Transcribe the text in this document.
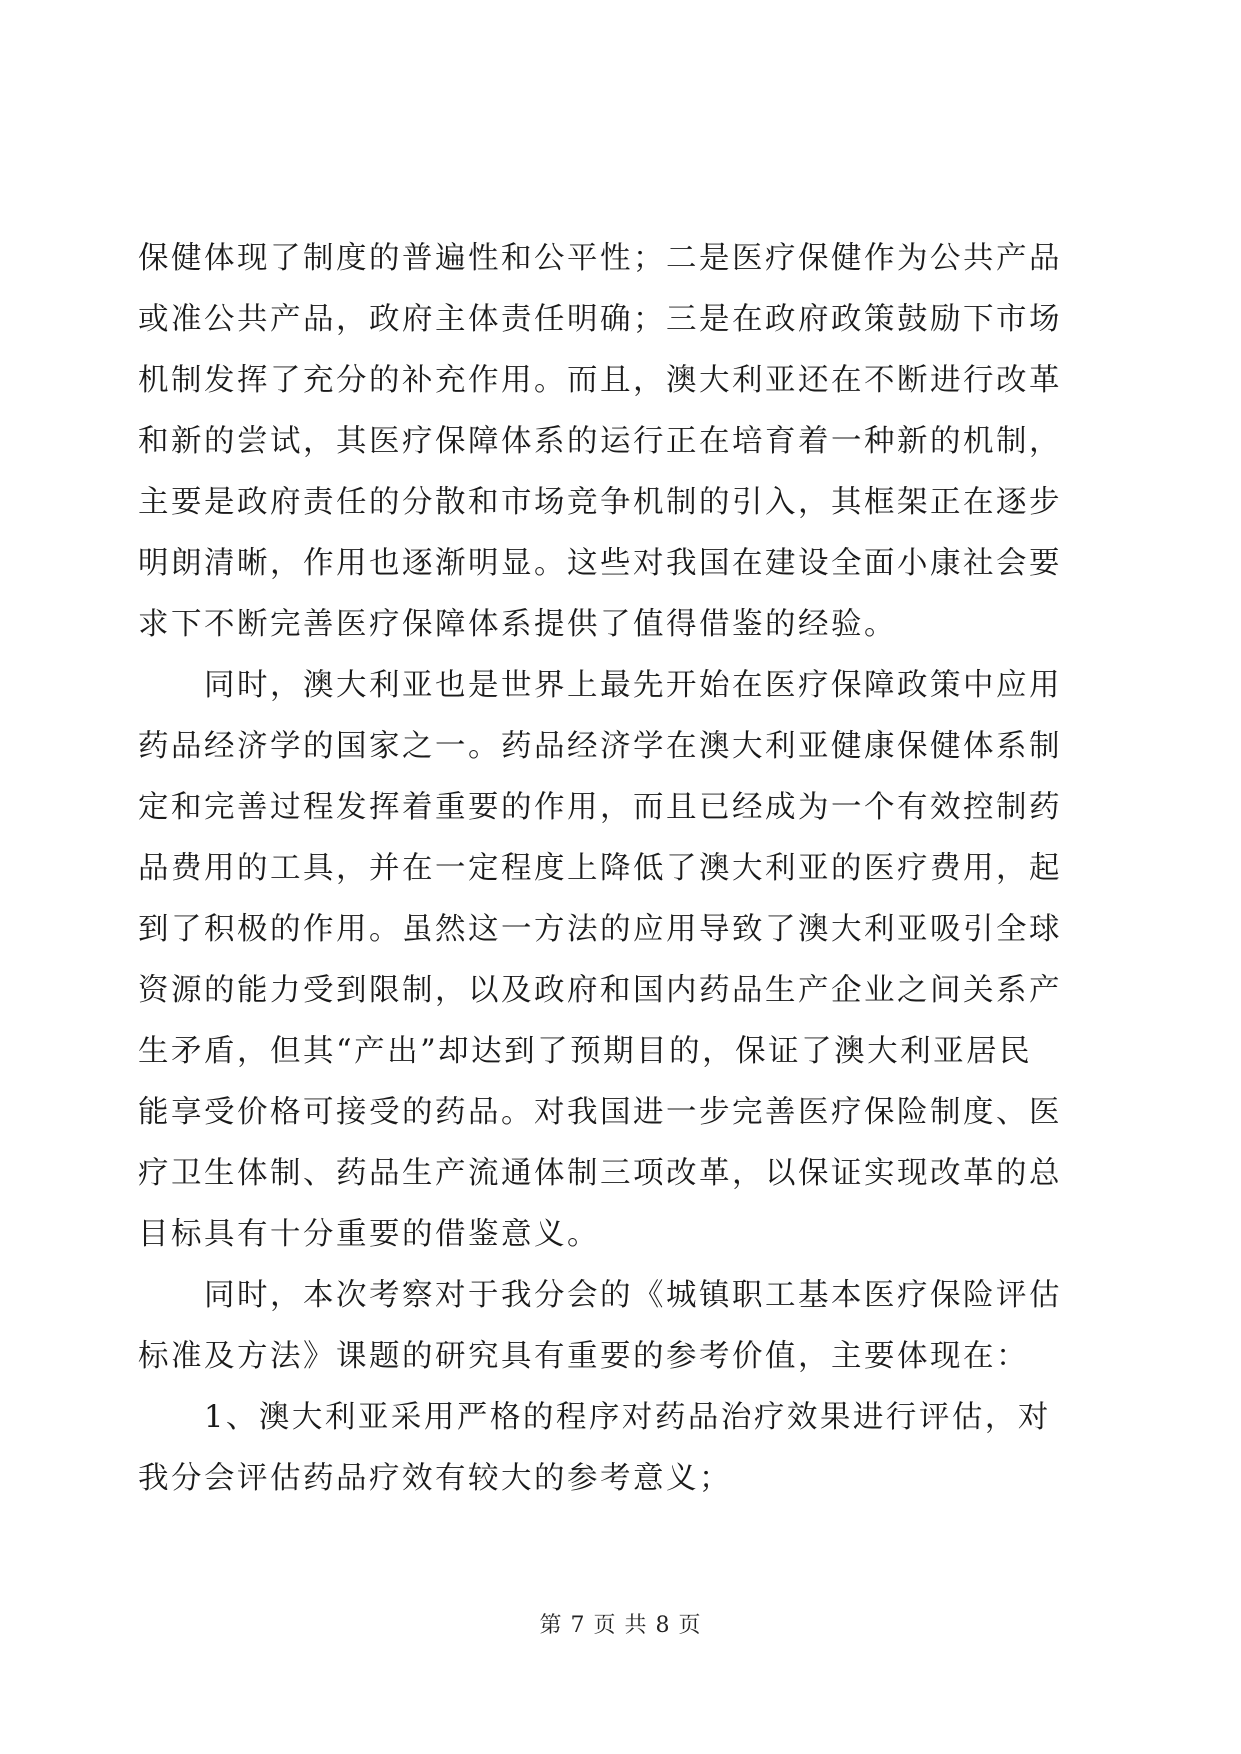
保健体现了制度的普遍性和公平性；二是医疗保健作为公共产品
或准公共产品，政府主体责任明确；三是在政府政策鼓励下市场
机制发挥了充分的补充作用。而且，澳大利亚还在不断进行改革
和新的尝试，其医疗保障体系的运行正在培育着一种新的机制，
主要是政府责任的分散和市场竞争机制的引入，其框架正在逐步
明朗清晰，作用也逐渐明显。这些对我国在建设全面小康社会要
求下不断完善医疗保障体系提供了值得借鉴的经验。
同时，澳大利亚也是世界上最先开始在医疗保障政策中应用
药品经济学的国家之一。药品经济学在澳大利亚健康保健体系制
定和完善过程发挥着重要的作用，而且已经成为一个有效控制药
品费用的工具，并在一定程度上降低了澳大利亚的医疗费用，起
到了积极的作用。虽然这一方法的应用导致了澳大利亚吸引全球
资源的能力受到限制，以及政府和国内药品生产企业之间关系产
生矛盾，但其“产出”却达到了预期目的，保证了澳大利亚居民
能享受价格可接受的药品。对我国进一步完善医疗保险制度、医
疗卫生体制、药品生产流通体制三项改革，以保证实现改革的总
目标具有十分重要的借鉴意义。
同时，本次考察对于我分会的《城镇职工基本医疗保险评估
标准及方法》课题的研究具有重要的参考价值，主要体现在：
1、澳大利亚采用严格的程序对药品治疗效果进行评估，对
我分会评估药品疗效有较大的参考意义；
第 7 页 共 8 页
